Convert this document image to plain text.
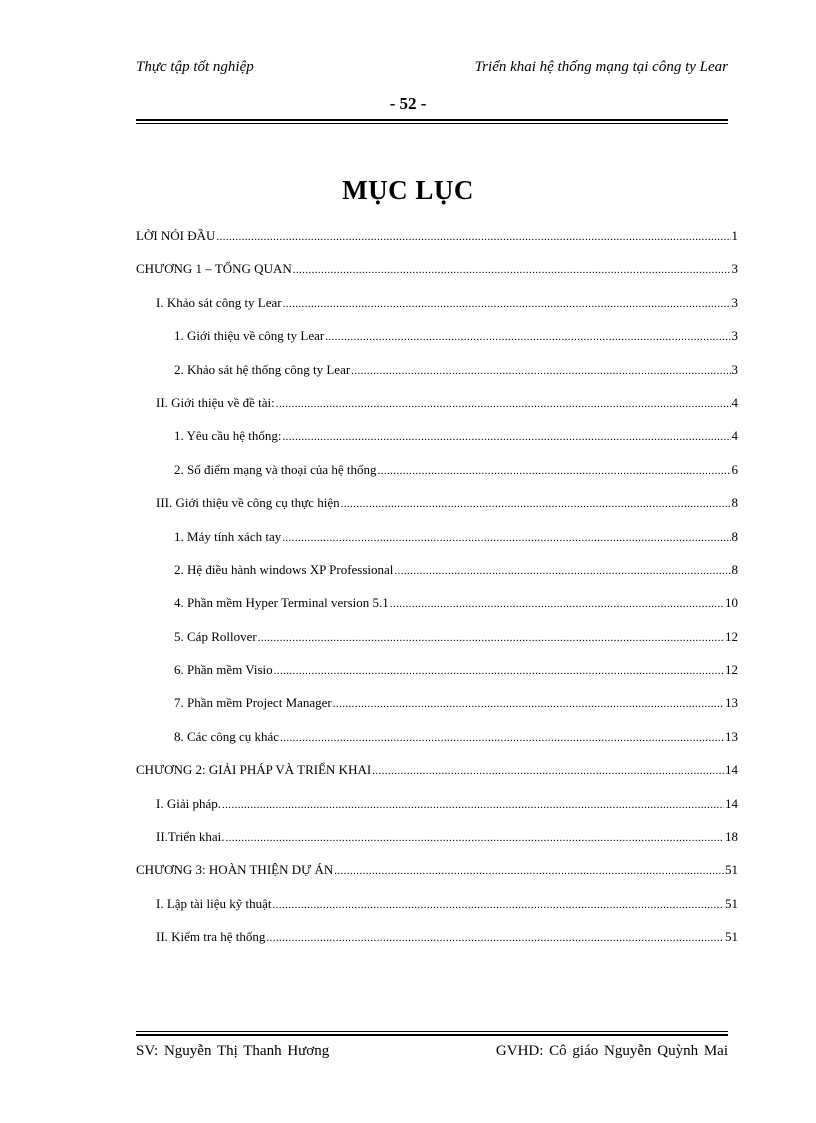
Thực tập tốt nghiệp	Triển khai hệ thống mạng tại công ty Lear
- 52 -
MỤC LỤC
LỜI NÓI ĐẦU .....	1
CHƯƠNG 1 – TỔNG QUAN .....	3
I. Khảo sát công ty Lear .....	3
1. Giới thiệu về công ty Lear .....	3
2. Khảo sát hệ thống công ty Lear .....	3
II. Giới thiệu về đề tài: .....	4
1. Yêu cầu hệ thống: .....	4
2. Số điểm mạng và thoại của hệ thống .....	6
III. Giới thiệu về công cụ thực hiện .....	8
1. Máy tính xách tay .....	8
2. Hệ điều hành windows XP Professional .....	8
4. Phần mềm Hyper Terminal version 5.1 .....	10
5. Cáp Rollover .....	12
6. Phần mềm Visio .....	12
7. Phần mềm Project Manager .....	13
8. Các công cụ khác .....	13
CHƯƠNG 2: GIẢI PHÁP VÀ TRIỂN KHAI .....	14
I. Giải pháp. .....	14
II.Triển khai. .....	18
CHƯƠNG 3: HOÀN THIỆN DỰ ÁN .....	51
I. Lập tài liệu kỹ thuật .....	51
II. Kiểm tra hệ thống .....	51
SV: Nguyễn Thị Thanh Hương	GVHD: Cô giáo Nguyễn Quỳnh Mai
